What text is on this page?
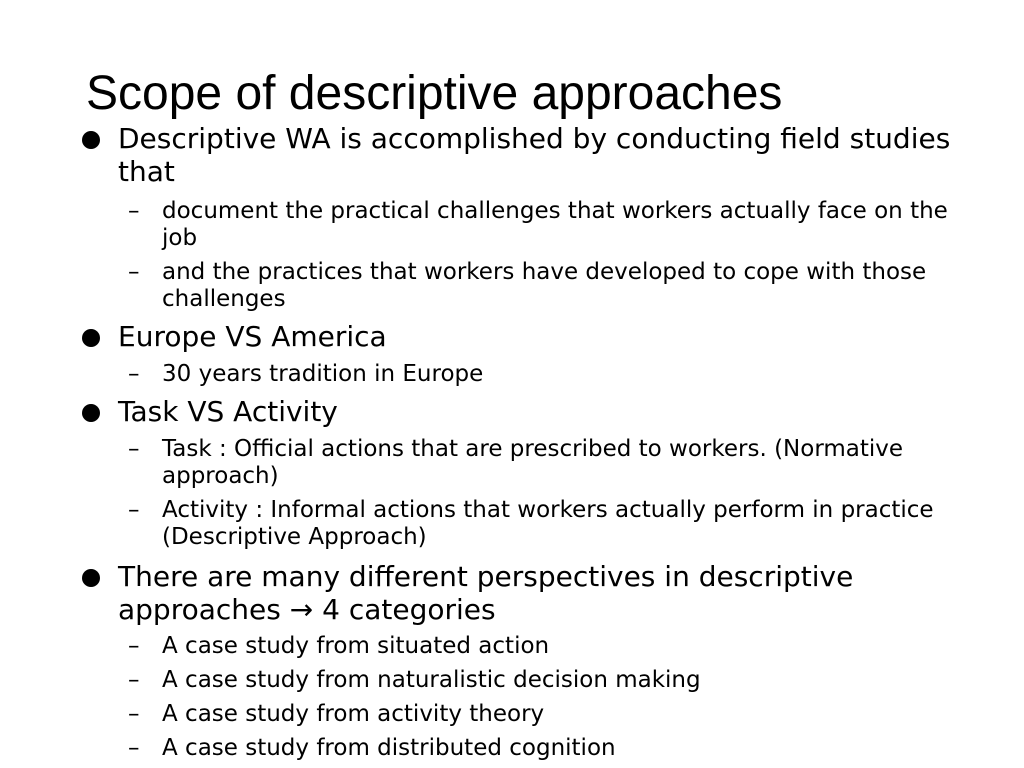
Scope of descriptive approaches
Descriptive WA is accomplished by conducting field studies that
– document the practical challenges that workers actually face on the job
– and the practices that workers have developed to cope with those challenges
Europe VS America
– 30 years tradition in Europe
Task VS Activity
– Task : Official actions that are prescribed to workers. (Normative approach)
– Activity : Informal actions that workers actually perform in practice (Descriptive Approach)
There are many different perspectives in descriptive approaches → 4 categories
– A case study from situated action
– A case study from naturalistic decision making
– A case study from activity theory
– A case study from distributed cognition
